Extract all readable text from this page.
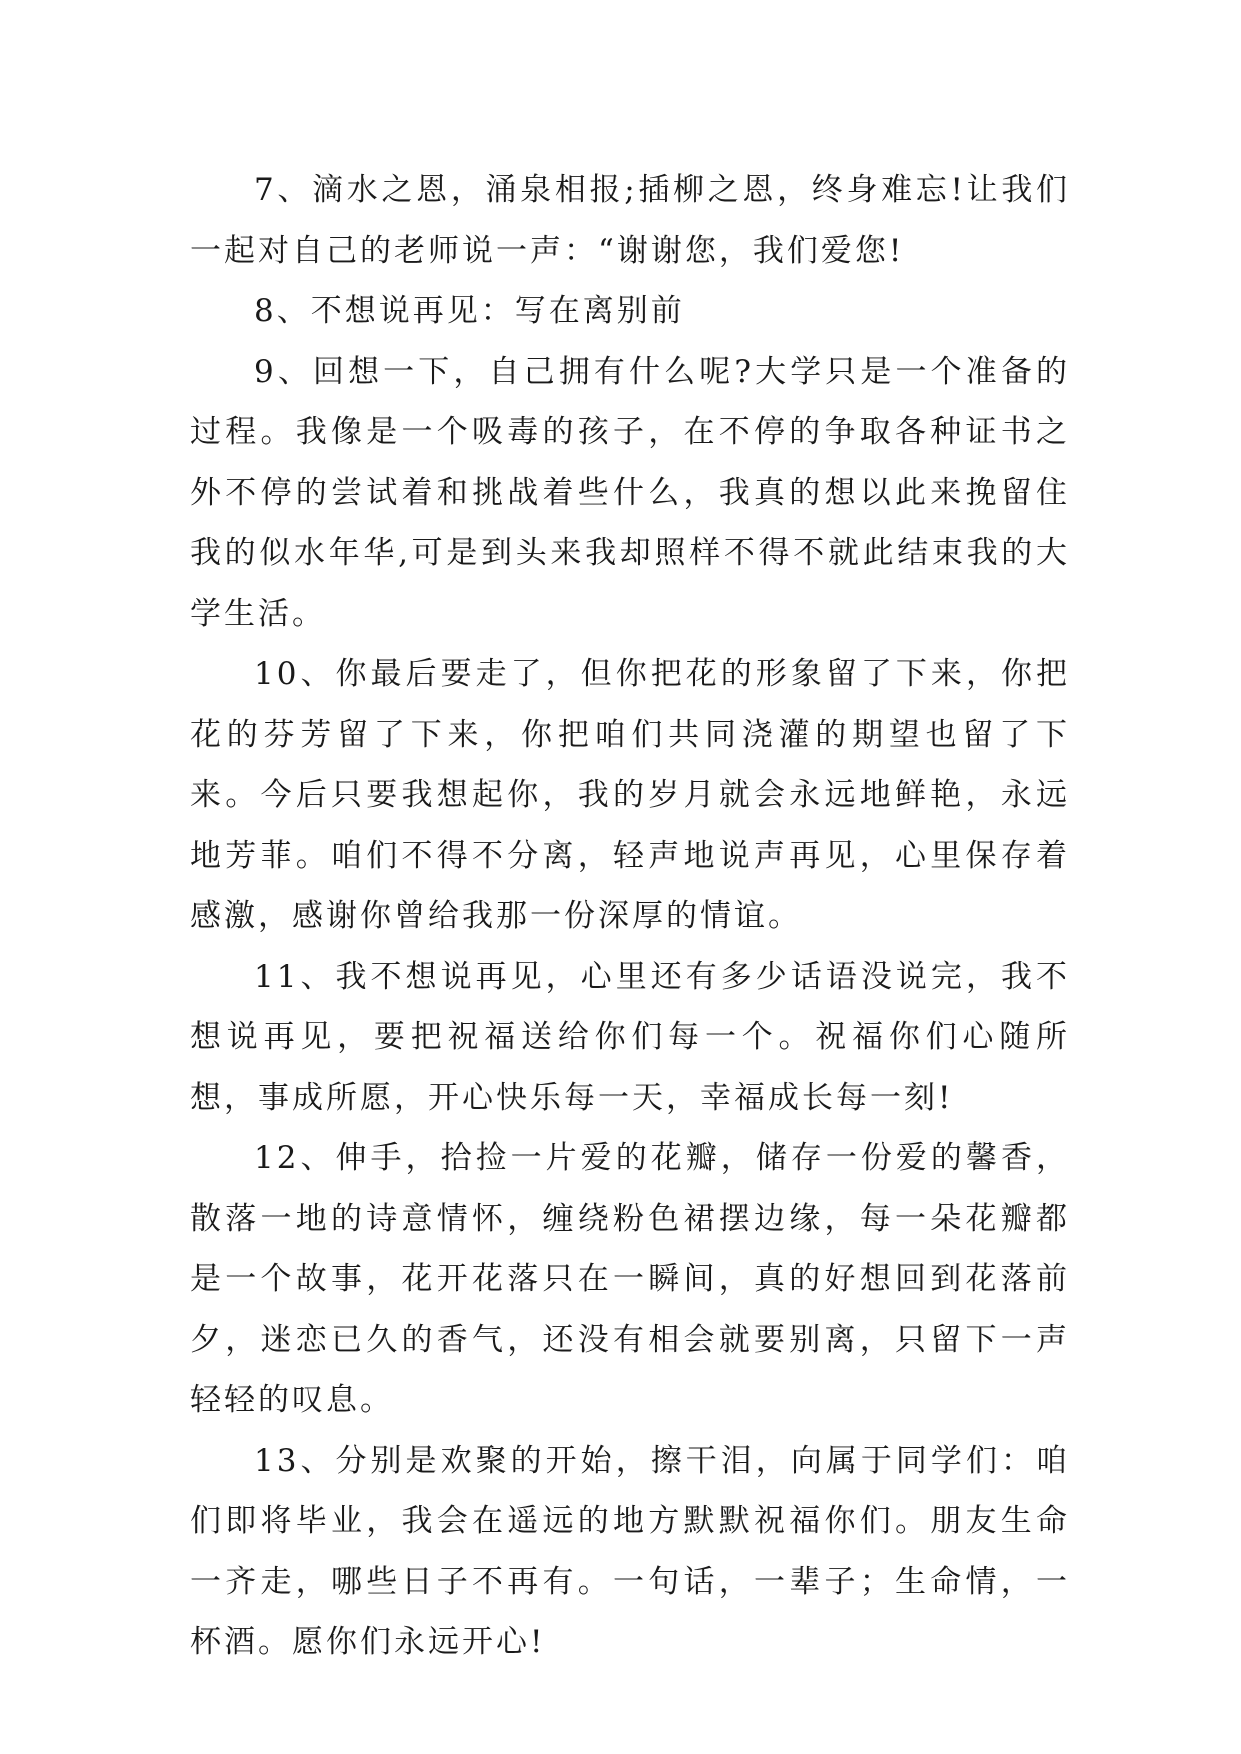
7、滴水之恩，涌泉相报;插柳之恩，终身难忘!让我们一起对自己的老师说一声：“谢谢您，我们爱您!

8、不想说再见：写在离别前

9、回想一下，自己拥有什么呢?大学只是一个准备的过程。我像是一个吸毒的孩子，在不停的争取各种证书之外不停的尝试着和挑战着些什么，我真的想以此来挽留住我的似水年华,可是到头来我却照样不得不就此结束我的大学生活。

10、你最后要走了，但你把花的形象留了下来，你把花的芬芳留了下来，你把咱们共同浇灌的期望也留了下来。今后只要我想起你，我的岁月就会永远地鲜艳，永远地芳菲。咱们不得不分离，轻声地说声再见，心里保存着感激，感谢你曾给我那一份深厚的情谊。

11、我不想说再见，心里还有多少话语没说完，我不想说再见，要把祝福送给你们每一个。祝福你们心随所想，事成所愿，开心快乐每一天，幸福成长每一刻!

12、伸手，拾捡一片爱的花瓣，储存一份爱的馨香，散落一地的诗意情怀，缠绕粉色裙摆边缘，每一朵花瓣都是一个故事，花开花落只在一瞬间，真的好想回到花落前夕，迷恋已久的香气，还没有相会就要别离，只留下一声轻轻的叹息。

13、分别是欢聚的开始，擦干泪，向属于同学们：咱们即将毕业，我会在遥远的地方默默祝福你们。朋友生命一齐走，哪些日子不再有。一句话，一辈子；生命情，一杯酒。愿你们永远开心!
